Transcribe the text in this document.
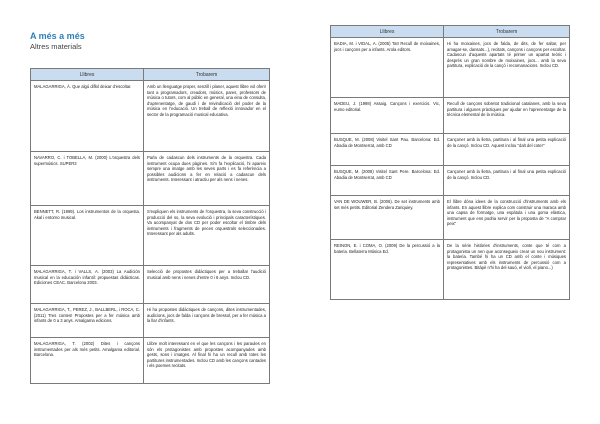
A més a més
Altres materials
Llibres	Trobarem

MALAGARRIGA, À. Que algú diflol deixar d'escoltar.	Amb un llenguatge proper, senzill i planer, aquest llibre vol oferir tant a programadors, creadors, músics, pares, professors de música o tutors, com al públic en general, una eina de consulta, d'aprenentatge, de gaudi i de reivindicació del poder de la música en l'educació. Un treball de reflexió innovador en el sector de la programació musical educativa.

NAVARRO, C. i TOBELLA, M. (2000) L'orquestra dels supermúsics. SUPER3	Parla de cadascun dels instruments de la orquestra. Cada instrument ocupa dues pàgines. Si'n fa l'explicació, hi apareix sempre una imatge amb les seves parts i es fa referència a possibles audicions a fer en relació a cadascun dels instruments. Interessant i atractiu per als nens i nenes.

BENNETT, R. (1999). Los instrumentos de la orquesta. Akal i entorno musical.	S'expliquen els instruments de l'orquestra, la seva construcció i producció del so, la seva evolució i principals característiques. Va acompanyat de dos CD per poder escoltar el timbre dels instruments i fragments de peces orquestrals seleccionades. Interessant per als adults.

MALAGARRIGA, T. i VALLS, A. (2003) La Audición musical en la educación infantil: propuestas didácticas. Ediciones CEAC. Barcelona 2003.	Selecció de propostes didàctiques per a treballar l'audició musical amb nens i nenes d'entre 0 i 6 anys. Inclou CD.

MALAGARRIGA, T., PEREZ, J., BALLBERL, i ROCA, C. (2011) Tres contes! Propostes per a fer música amb infants de 0 a 3 anys. Amalgama edicions.	Hi ha propostes didàctiques de cançons, dites instrumentades, audicions, jocs de falda i cançons de bressol, per a fer música a la llar d'infants.

MALAGARRIGA, T. (2002) Dites i cançons instrumentades per als més petits. Amalgama editorial. Barcelona.	Llibre molt interessant en el que les cançons i les paraules en són els protagonistes amb propostes acompanyades amb gests, sons i imatges. Al final hi ha un recull amb totes les partitures instrumentades. Inclou CD amb les cançons cantades i els poemes recitats.
Llibres	Trobarem

BADIA, M. i VIDAL, A. (2005) Tat! Recull de moixaines, jocs i cançons per a infants. Arola editors.	Hi ha moixaines, jocs de falda, de dits, de fer saltar, per amagar-se, dansats...), recitats, cançons i cançons per escoltar. Cadascun d'aquests apartats té primer un apartat teòric i després un gran nombre de moixaines, jocs... amb la seva partitura, explicació de la cançó i recomanacions. Inclou CD.

MADEU, J. (1998) Assaig. Cançons i exercicis. Vic, eumo editorial.	Recull de cançons sobretot tradicional catalanes, amb la seva partitura i algunes pràctiques per ajudar en l'aprenentatge de la tècnica elemental de la música.

BUSQUE, M. (2008) Visitel Sant Pau. Barcelona: Ed. Abadia de Montserrat, amb CD	Cançoner amb la lletra, partitura i al final una petita explicació de la cançó. Inclou CD. Aquest inclou "dalt del coter"

BUSQUE, M. (2008) Visitel Sant Pere. Barcelona: Ed. Abadia de Montserrat, amb CD	Cançoner amb la lletra, partitura i al final una petita explicació de la cançó. Inclou CD.

VAN DE WOUWER, B. (2006). De set instruments amb set més petits. Editorial Zendera Zariquiey.	El llibre dóna idees de la construcció d'instruments amb els infants. En aquest llibre explica com construir una maraca amb una capsa de formatge, una espàtula i una goma elàstica, instrument que ens podria servir per la proposta de "A comprar peix"

REINON, E. i COMA, O. (2009) De la percussió a la bateria. Bellaterra Música Ed.	De la sèrie històries d'instruments, conte que té com a protagonista un nen que aconsegueix crear un nou instrument: la bateria. També hi ha un CD amb el conte i músiques representatives amb els instruments de percussió com a protagonistes. Bitàpè n'hi ha del sauó, el violí, el piano...)
